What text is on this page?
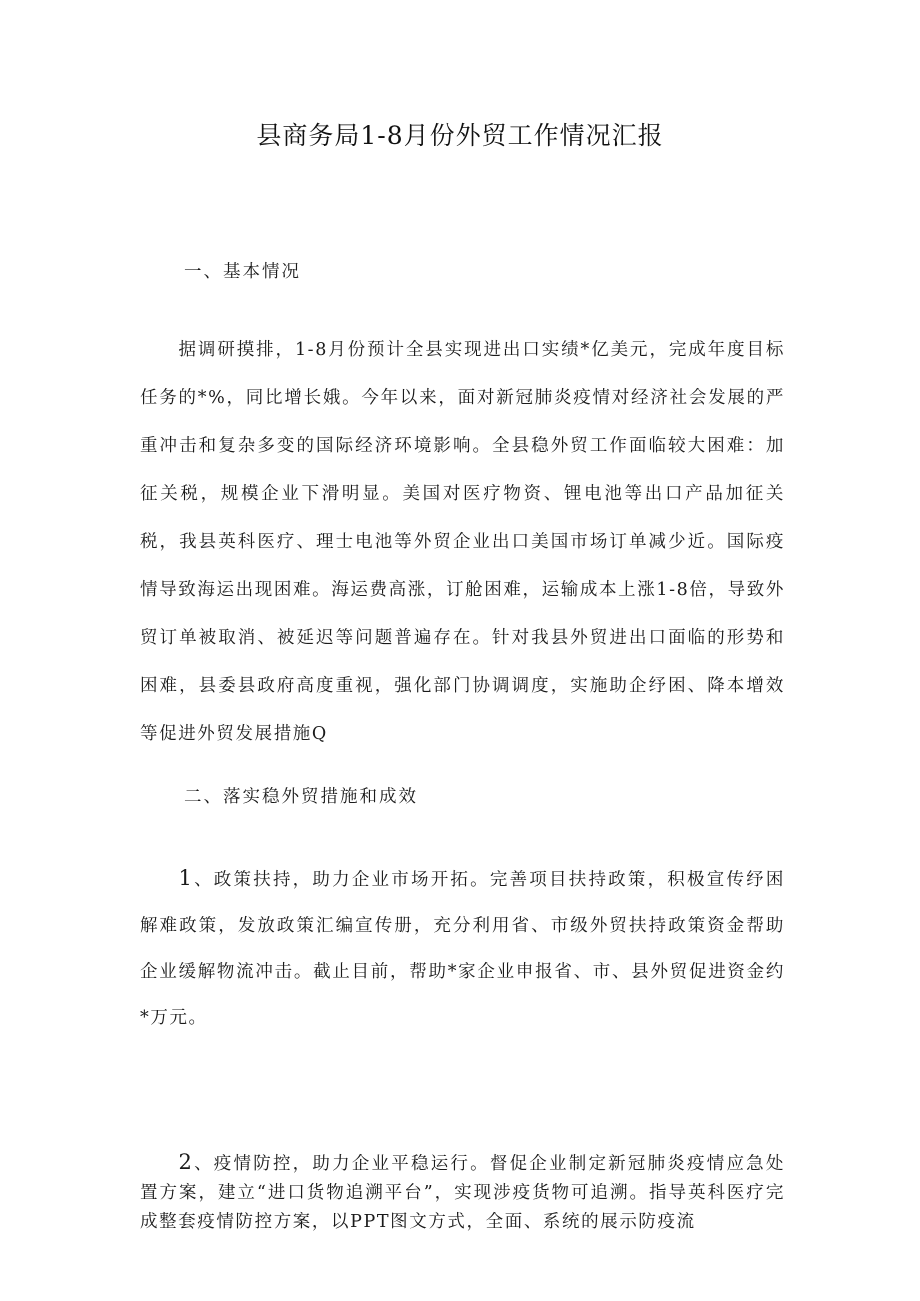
县商务局1-8月份外贸工作情况汇报
一、基本情况

据调研摸排，1-8月份预计全县实现进出口实绩*亿美元，完成年度目标任务的*%，同比增长娥。今年以来，面对新冠肺炎疫情对经济社会发展的严重冲击和复杂多变的国际经济环境影响。全县稳外贸工作面临较大困难：加征关税，规模企业下滑明显。美国对医疗物资、锂电池等出口产品加征关税，我县英科医疗、理士电池等外贸企业出口美国市场订单减少近。国际疫情导致海运出现困难。海运费高涨，订舱困难，运输成本上涨1-8倍，导致外贸订单被取消、被延迟等问题普遍存在。针对我县外贸进出口面临的形势和困难，县委县政府高度重视，强化部门协调调度，实施助企纾困、降本增效等促进外贸发展措施Q

二、落实稳外贸措施和成效

1、政策扶持，助力企业市场开拓。完善项目扶持政策，积极宣传纾困解难政策，发放政策汇编宣传册，充分利用省、市级外贸扶持政策资金帮助企业缓解物流冲击。截止目前，帮助*家企业申报省、市、县外贸促进资金约*万元。

2、疫情防控，助力企业平稳运行。督促企业制定新冠肺炎疫情应急处置方案，建立“进口货物追溯平台”，实现涉疫货物可追溯。指导英科医疗完成整套疫情防控方案，以PPT图文方式，全面、系统的展示防疫流
